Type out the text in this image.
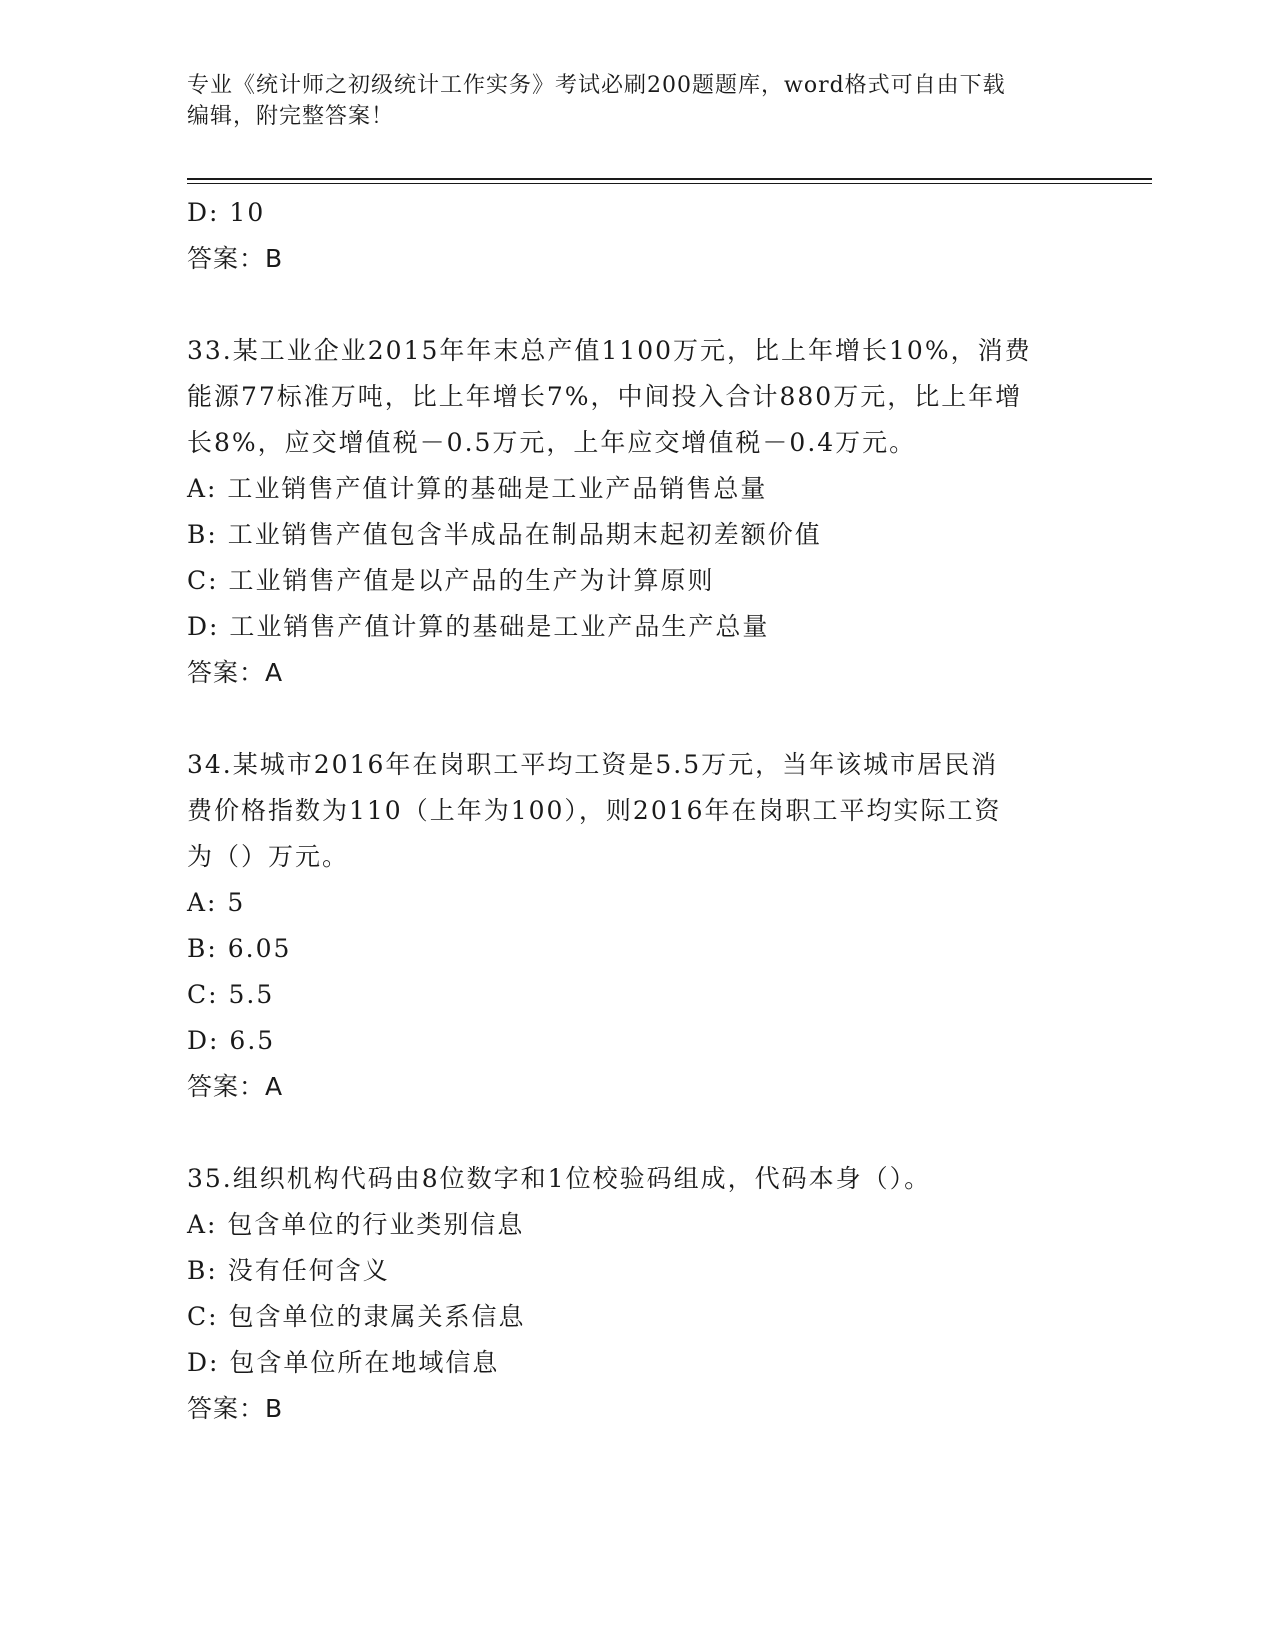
专业《统计师之初级统计工作实务》考试必刷200题题库，word格式可自由下载
编辑，附完整答案！
D: 10
答案：B
33.某工业企业2015年年末总产值1100万元，比上年增长10%，消费
能源77标准万吨，比上年增长7%，中间投入合计880万元，比上年增
长8%，应交增值税－0.5万元，上年应交增值税－0.4万元。
A: 工业销售产值计算的基础是工业产品销售总量
B: 工业销售产值包含半成品在制品期末起初差额价值
C: 工业销售产值是以产品的生产为计算原则
D: 工业销售产值计算的基础是工业产品生产总量
答案：A
34.某城市2016年在岗职工平均工资是5.5万元，当年该城市居民消
费价格指数为110（上年为100），则2016年在岗职工平均实际工资
为（）万元。
A: 5
B: 6.05
C: 5.5
D: 6.5
答案：A
35.组织机构代码由8位数字和1位校验码组成，代码本身（）。
A: 包含单位的行业类别信息
B: 没有任何含义
C: 包含单位的隶属关系信息
D: 包含单位所在地域信息
答案：B
